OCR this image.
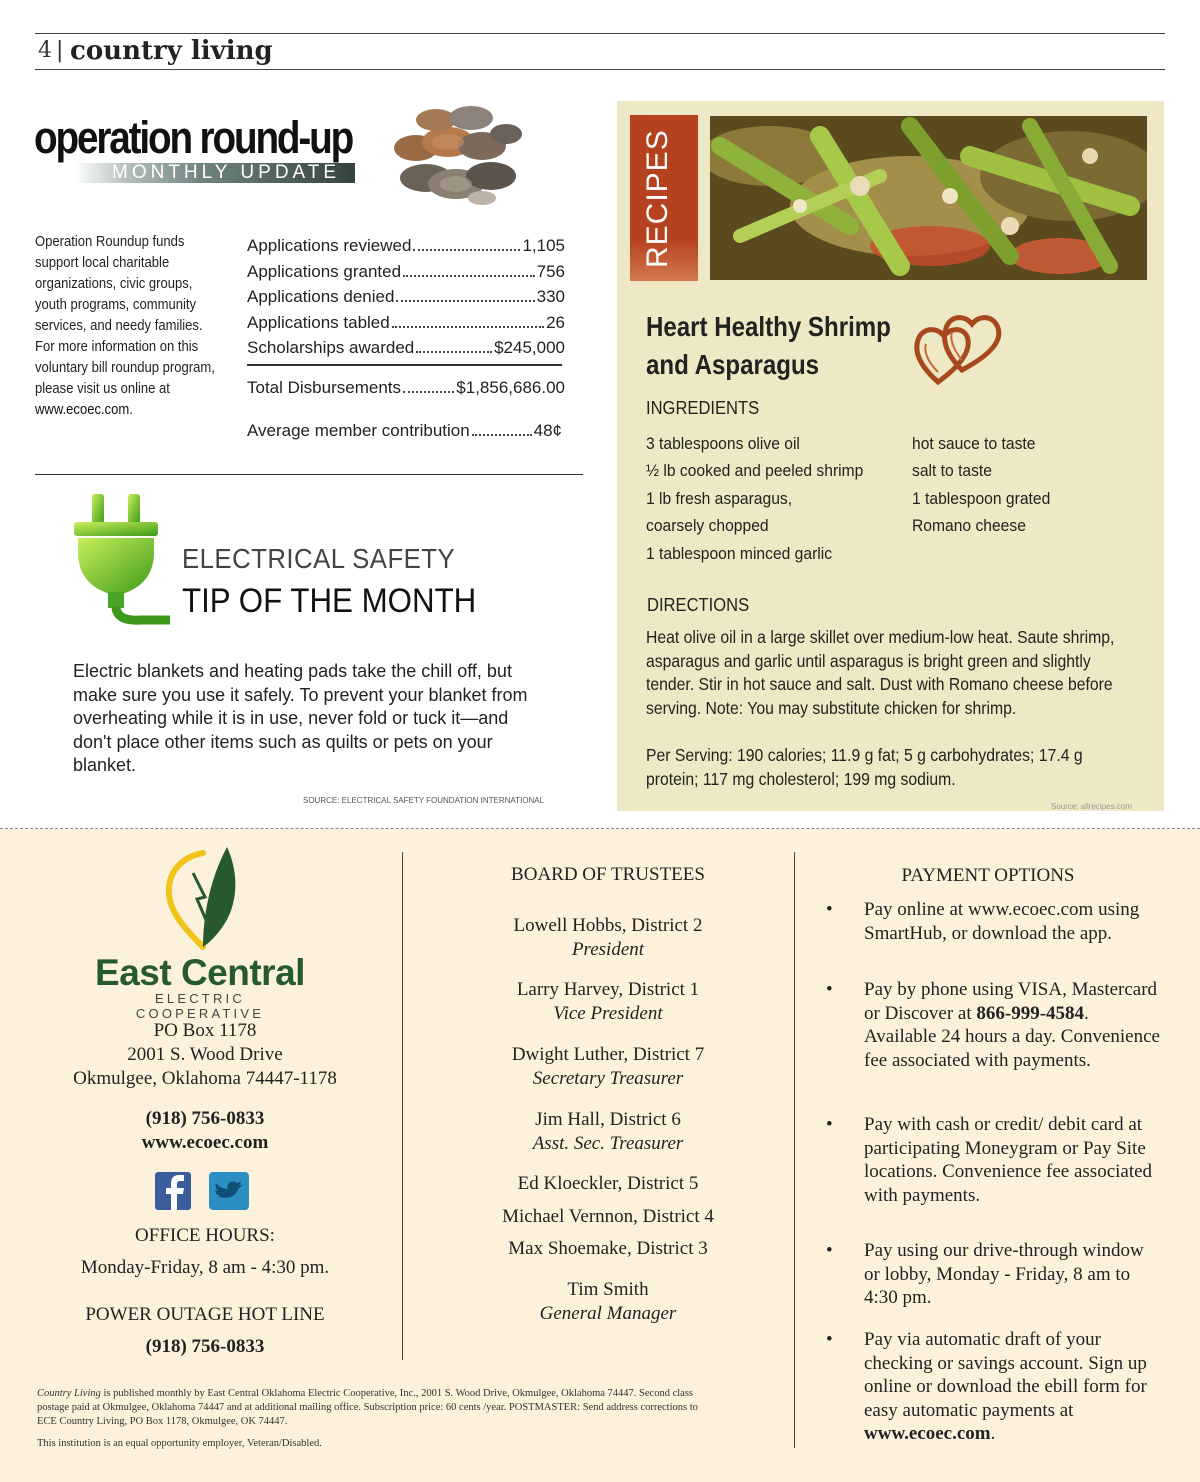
4 | country living
operation round-up
MONTHLY UPDATE
Operation Roundup funds support local charitable organizations, civic groups, youth programs, community services, and needy families. For more information on this voluntary bill roundup program, please visit us online at www.ecoec.com.
Applications reviewed	1,105
Applications granted	756
Applications denied	330
Applications tabled	26
Scholarships awarded	$245,000
Total Disbursements	$1,856,686.00
Average member contribution	48¢
ELECTRICAL SAFETY
TIP OF THE MONTH
Electric blankets and heating pads take the chill off, but make sure you use it safely. To prevent your blanket from overheating while it is in use, never fold or tuck it—and don't place other items such as quilts or pets on your blanket.
SOURCE: ELECTRICAL SAFETY FOUNDATION INTERNATIONAL
RECIPES
Heart Healthy Shrimp
and Asparagus
INGREDIENTS
3 tablespoons olive oil
½ lb cooked and peeled shrimp
1 lb fresh asparagus,
coarsely chopped
1 tablespoon minced garlic
hot sauce to taste
salt to taste
1 tablespoon grated
Romano cheese
DIRECTIONS
Heat olive oil in a large skillet over medium-low heat. Saute shrimp, asparagus and garlic until asparagus is bright green and slightly tender. Stir in hot sauce and salt. Dust with Romano cheese before serving. Note: You may substitute chicken for shrimp.
Per Serving: 190 calories; 11.9 g fat; 5 g carbohydrates; 17.4 g protein; 117 mg cholesterol; 199 mg sodium.
Source: allrecipes.com
East Central
ELECTRIC COOPERATIVE
PO Box 1178
2001 S. Wood Drive
Okmulgee, Oklahoma 74447-1178
(918) 756-0833
www.ecoec.com
OFFICE HOURS:
Monday-Friday, 8 am - 4:30 pm.
POWER OUTAGE HOT LINE
(918) 756-0833
BOARD OF TRUSTEES
Lowell Hobbs, District 2
President
Larry Harvey, District 1
Vice President
Dwight Luther, District 7
Secretary Treasurer
Jim Hall, District 6
Asst. Sec. Treasurer
Ed Kloeckler, District 5
Michael Vernnon, District 4
Max Shoemake, District 3
Tim Smith
General Manager
PAYMENT OPTIONS
• Pay online at www.ecoec.com using SmartHub, or download the app.
• Pay by phone using VISA, Mastercard or Discover at 866-999-4584. Available 24 hours a day. Convenience fee associated with payments.
• Pay with cash or credit/ debit card at participating Moneygram or Pay Site locations. Convenience fee associated with payments.
• Pay using our drive-through window or lobby, Monday - Friday, 8 am to 4:30 pm.
• Pay via automatic draft of your checking or savings account. Sign up online or download the ebill form for easy automatic payments at www.ecoec.com.
Country Living is published monthly by East Central Oklahoma Electric Cooperative, Inc., 2001 S. Wood Drive, Okmulgee, Oklahoma 74447. Second class postage paid at Okmulgee, Oklahoma 74447 and at additional mailing office. Subscription price: 60 cents /year. POSTMASTER: Send address corrections to ECE Country Living, PO Box 1178, Okmulgee, OK 74447.
This institution is an equal opportunity employer, Veteran/Disabled.
